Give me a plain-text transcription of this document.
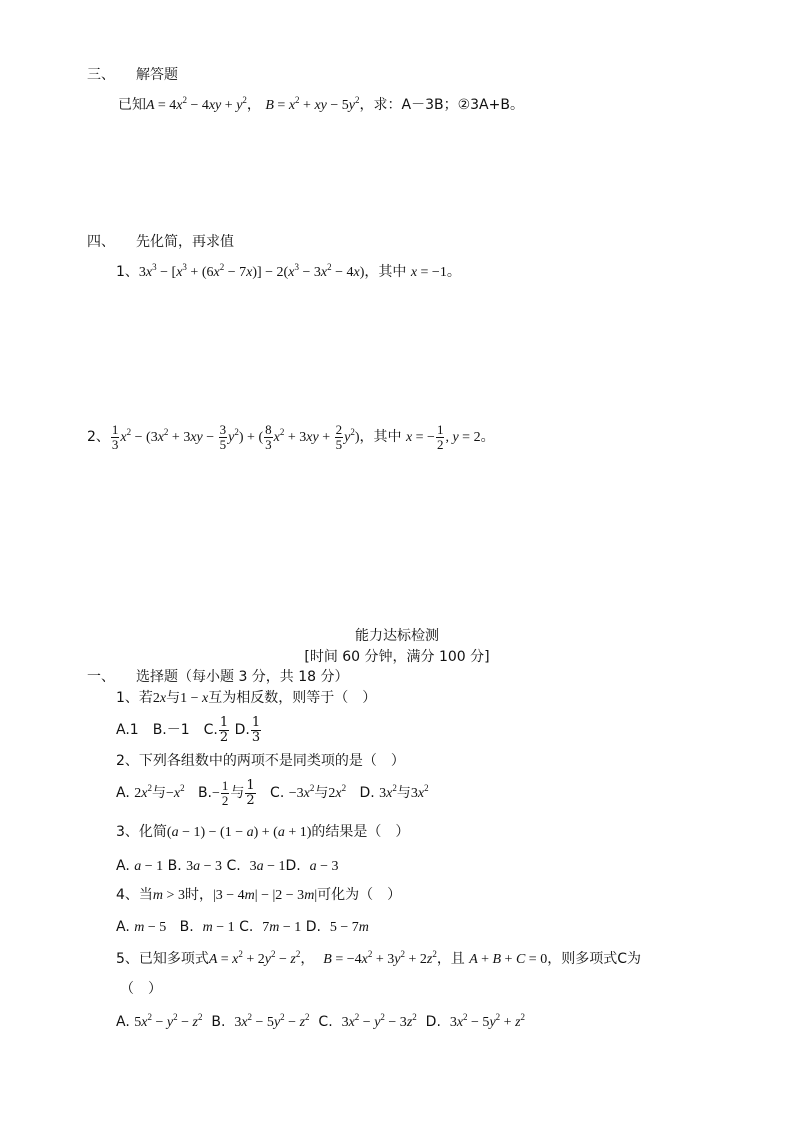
三、　　解答题
已知$A = 4x^2 - 4xy + y^2$， $B = x^2$ + xy − $5y^2$，求：A－3B；②3A+B。
四、　　先化简，再求值
1、$3x^3 - [x^3 + (6x^2 - 7x)] - 2(x^3 - 3x^2 - 4x)$，其中 x = −1。
2、 $\frac{1}{3} x^2 - (3x^2 + 3xy - \frac{3}{5} y^2)$ + ( $\frac{8}{3} x^2 + 3xy + \frac{2}{5} y^2$)，其中 x = − $\frac{1}{2}$ , y = 2。
能力达标检测
[时间 60 分钟，满分 100 分]
一、　　选择题（每小题 3 分，共 18 分）
1、若2x与1 − x互为相反数，则等于（　）
A.1　B.－1　C. $\frac{1}{2} D$. $\frac{1}{3}$
2、下列各组数中的两项不是同类项的是（　）
A. $2x^2$与$-x^2$ $B.- \frac{1}{2}$ 与 $\frac{1}{2} C$. $-3x^2$与$2x^2$ D. $3x^2$与$3x^2$
3、化简(a − 1) − (1 − a) + (a + 1)的结果是（　）
A. a − 1 B. 3a − 3 C. 3a − 1D. a − 3
4、当m > 3时，|3 − 4m| − |2 − 3m|可化为（　）
A. m − 5 B. m − 1 C. 7m − 1 D. 5 − 7m
5、已知多项式$A = x^2 + 2y^2 - z^2$， $B = -4x^2 + 3y^2 + 2z^2$，且 A + B + C = 0，则多项式C为
（　）
A. $5x^2 - y^2 - z^2$ B. $3x^2 - 5y^2 - z^2$ C. $3x^2 - y^2 - 3z^2$ D. $3x^2 - 5y^2 + z^2$
